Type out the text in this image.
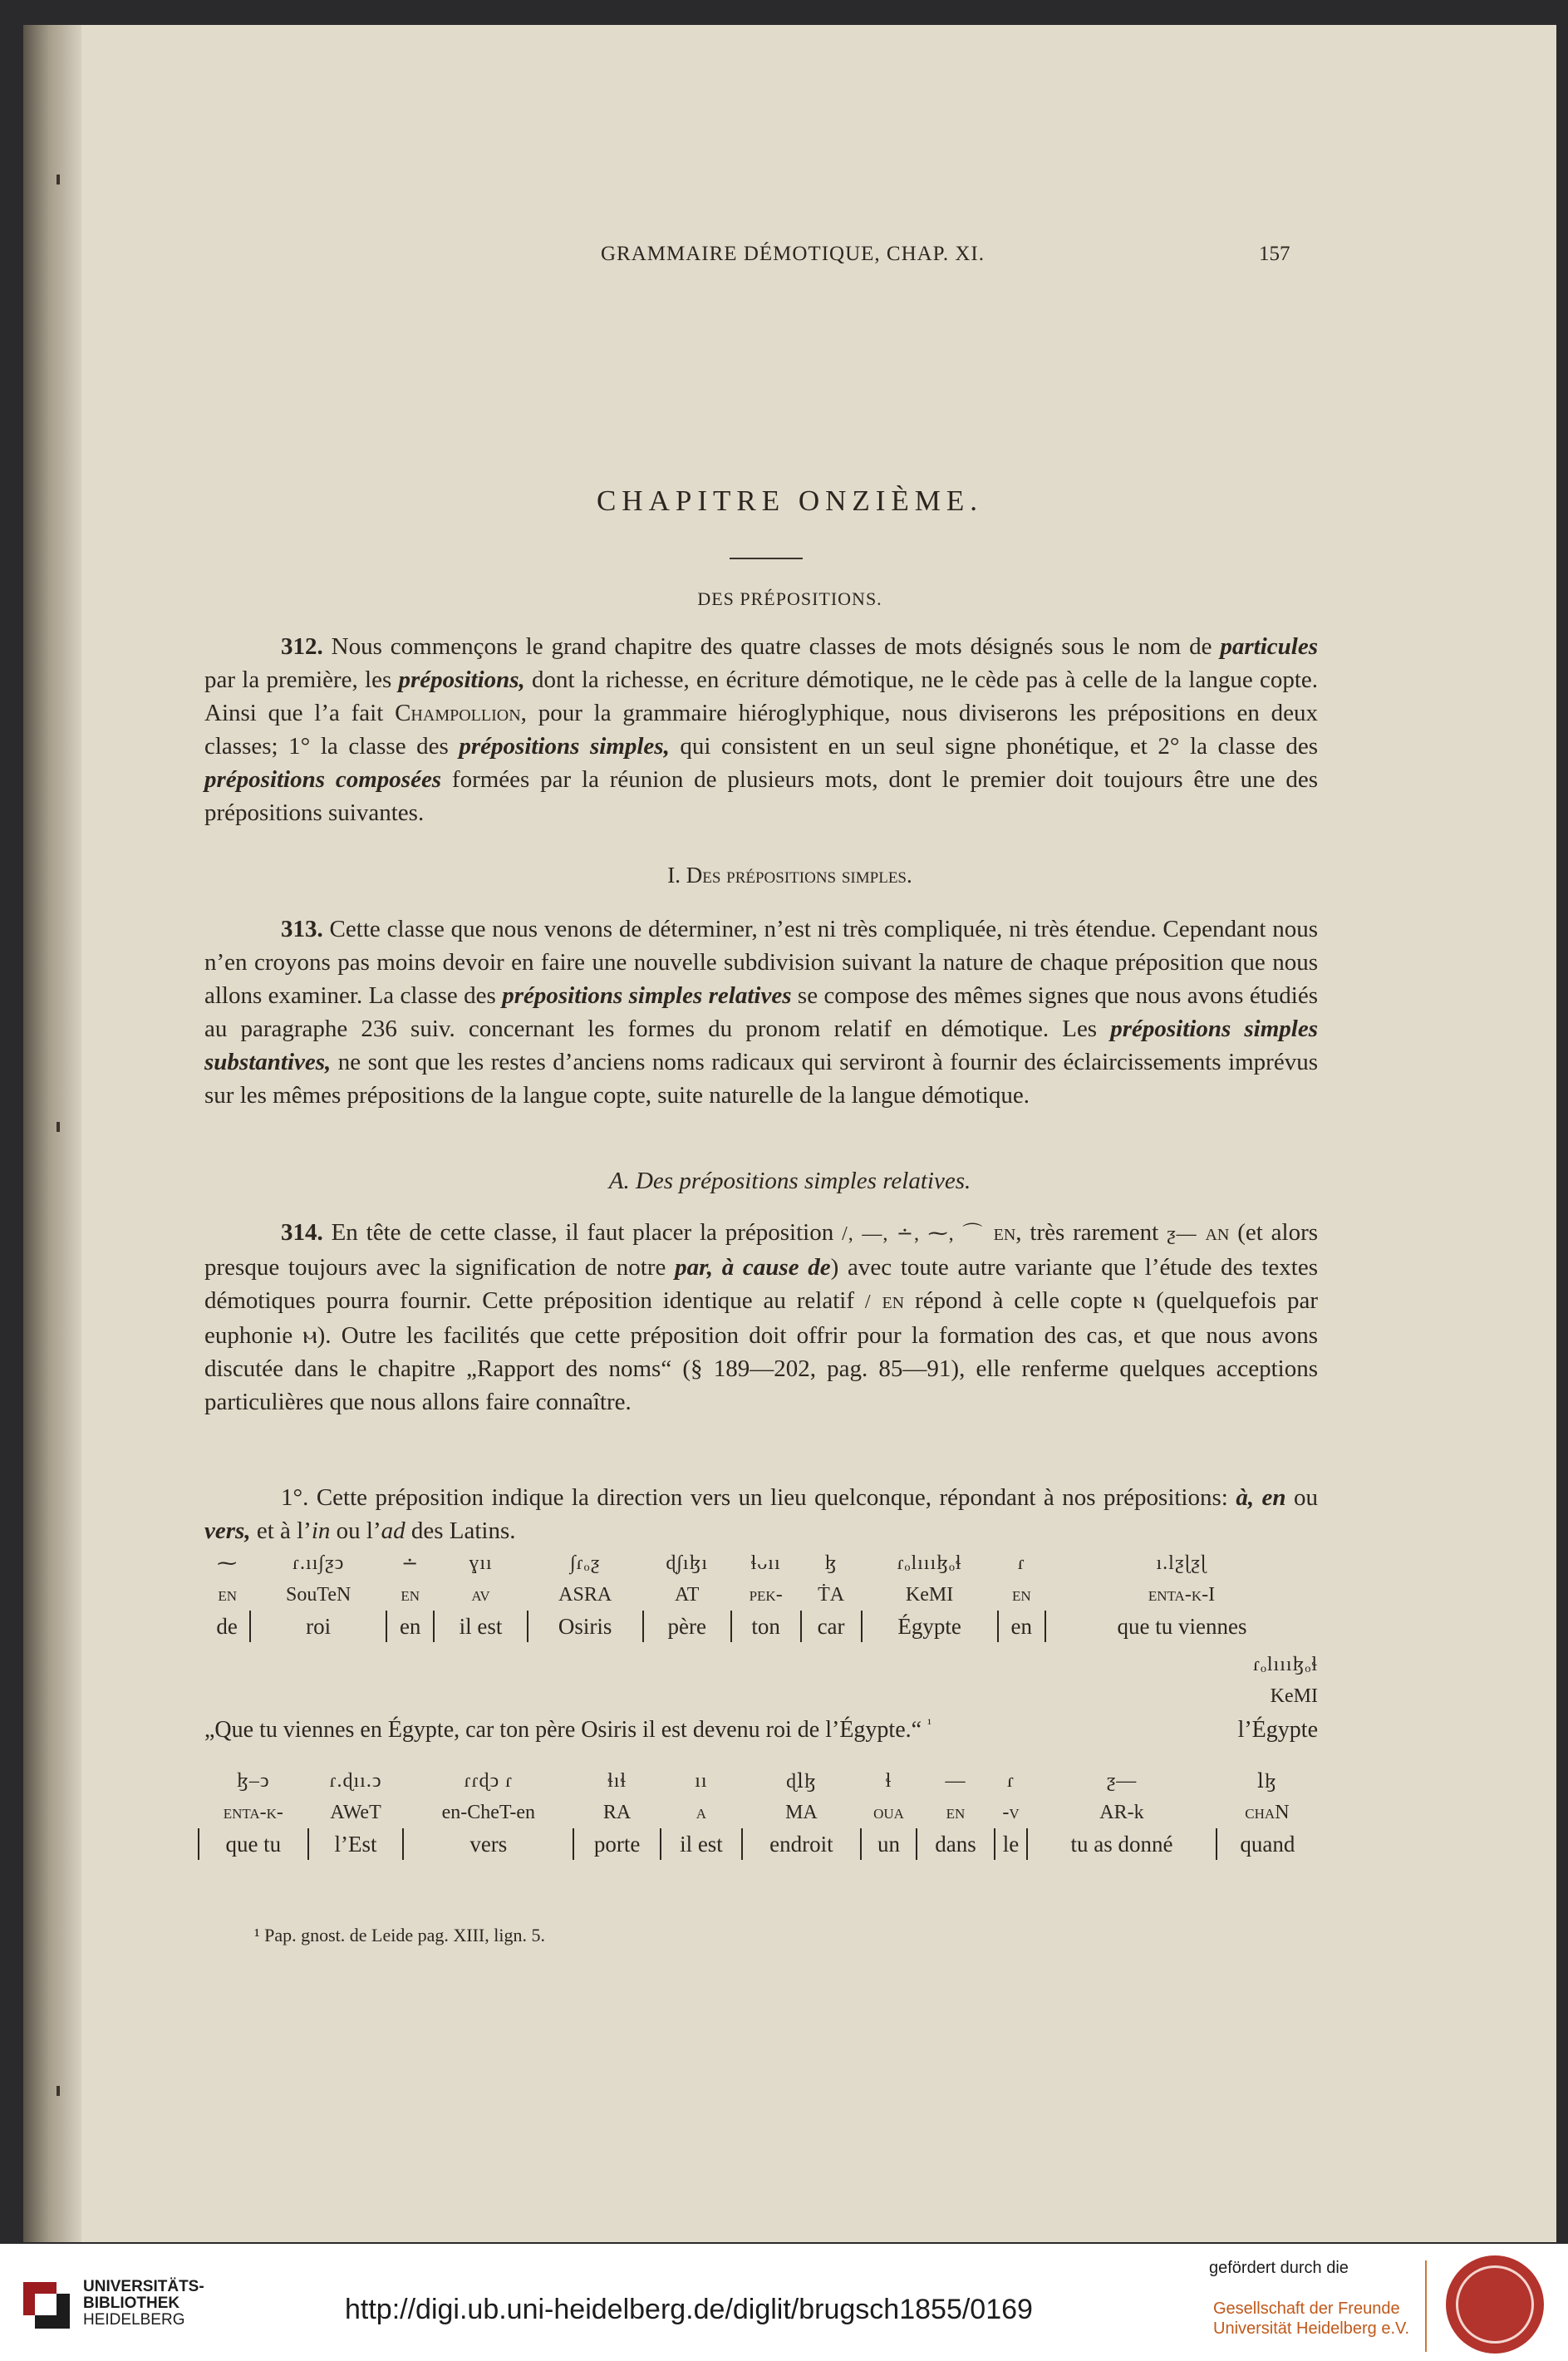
GRAMMAIRE DÉMOTIQUE, CHAP. XI.	157
CHAPITRE ONZIÈME.
DES PRÉPOSITIONS.

312. Nous commençons le grand chapitre des quatre classes de mots désignés sous le nom de particules par la première, les prépositions, dont la richesse, en écriture démotique, ne le cède pas à celle de la langue copte. Ainsi que l’a fait Champollion, pour la grammaire hiéroglyphique, nous diviserons les prépositions en deux classes; 1° la classe des prépositions simples, qui consistent en un seul signe phonétique, et 2° la classe des prépositions composées formées par la réunion de plusieurs mots, dont le premier doit toujours être une des prépositions suivantes.

I. Des prépositions simples.

313. Cette classe que nous venons de déterminer, n’est ni très compliquée, ni très étendue. Cependant nous n’en croyons pas moins devoir en faire une nouvelle subdivision suivant la nature de chaque préposition que nous allons examiner. La classe des prépositions simples relatives se compose des mêmes signes que nous avons étudiés au paragraphe 236 suiv. concernant les formes du pronom relatif en démotique. Les prépositions simples substantives, ne sont que les restes d’anciens noms radicaux qui serviront à fournir des éclaircissements imprévus sur les mêmes prépositions de la langue copte, suite naturelle de la langue démotique.

A. Des prépositions simples relatives.

314. En tête de cette classe, il faut placer la préposition /, —, ∸, ⁓, ⌒ en, très rarement ƺ— an (et alors presque toujours avec la signification de notre par, à cause de) avec toute autre variante que l’étude des textes démotiques pourra fournir. Cette préposition identique au relatif / en répond à celle copte ⲛ (quelquefois par euphonie ⲙ). Outre les facilités que cette préposition doit offrir pour la formation des cas, et que nous avons discutée dans le chapitre „Rapport des noms“ (§ 189—202, pag. 85—91), elle renferme quelques acceptions particulières que nous allons faire connaître.

1°. Cette préposition indique la direction vers un lieu quelconque, répondant à nos prépositions: à, en ou vers, et à l’in ou l’ad des Latins.

⁓	ɾ.ıı∫ƺↄ	∸	ɣıı	∫ɾₒƺ	ɖ∫ıɮı	ɬᴗıı	ɮ	ɾₒlıııɮₒɬ	ɾ	ı.lƺɭƺɭ
en	SouTeN	en	av	ASRA	AT	pek-	ṪA	KeMI	en	enta-k-I
de	roi	en	il est	Osiris	père	ton	car	Égypte	en	que tu viennes
ɾₒlıııɮₒɬ
KeMI
„Que tu viennes en Égypte, car ton père Osiris il est devenu roi de l’Égypte.“ $^{^1}$	l’Égypte
ɮ–ↄ	ɾ.ɖıı.ↄ	ɾɾɖↄ ɾ	ɬıɬ	ıı	ɖⅼɮ	ɬ	—	ɾ	ƺ—	ⅼɮ
enta-k-	AWeT	en-CheT-en	RA	a	MA	oua	en	-v	AR-k	chaN
que tu	l’Est	vers	porte	il est	endroit	un	dans	le	tu as donné	quand
¹ Pap. gnost. de Leide pag. XIII, lign. 5.
UNIVERSITÄTS-
BIBLIOTHEK
HEIDELBERG	http://digi.ub.uni-heidelberg.de/diglit/brugsch1855/0169
gefördert durch die
Gesellschaft der Freunde
Universität Heidelberg e.V.
